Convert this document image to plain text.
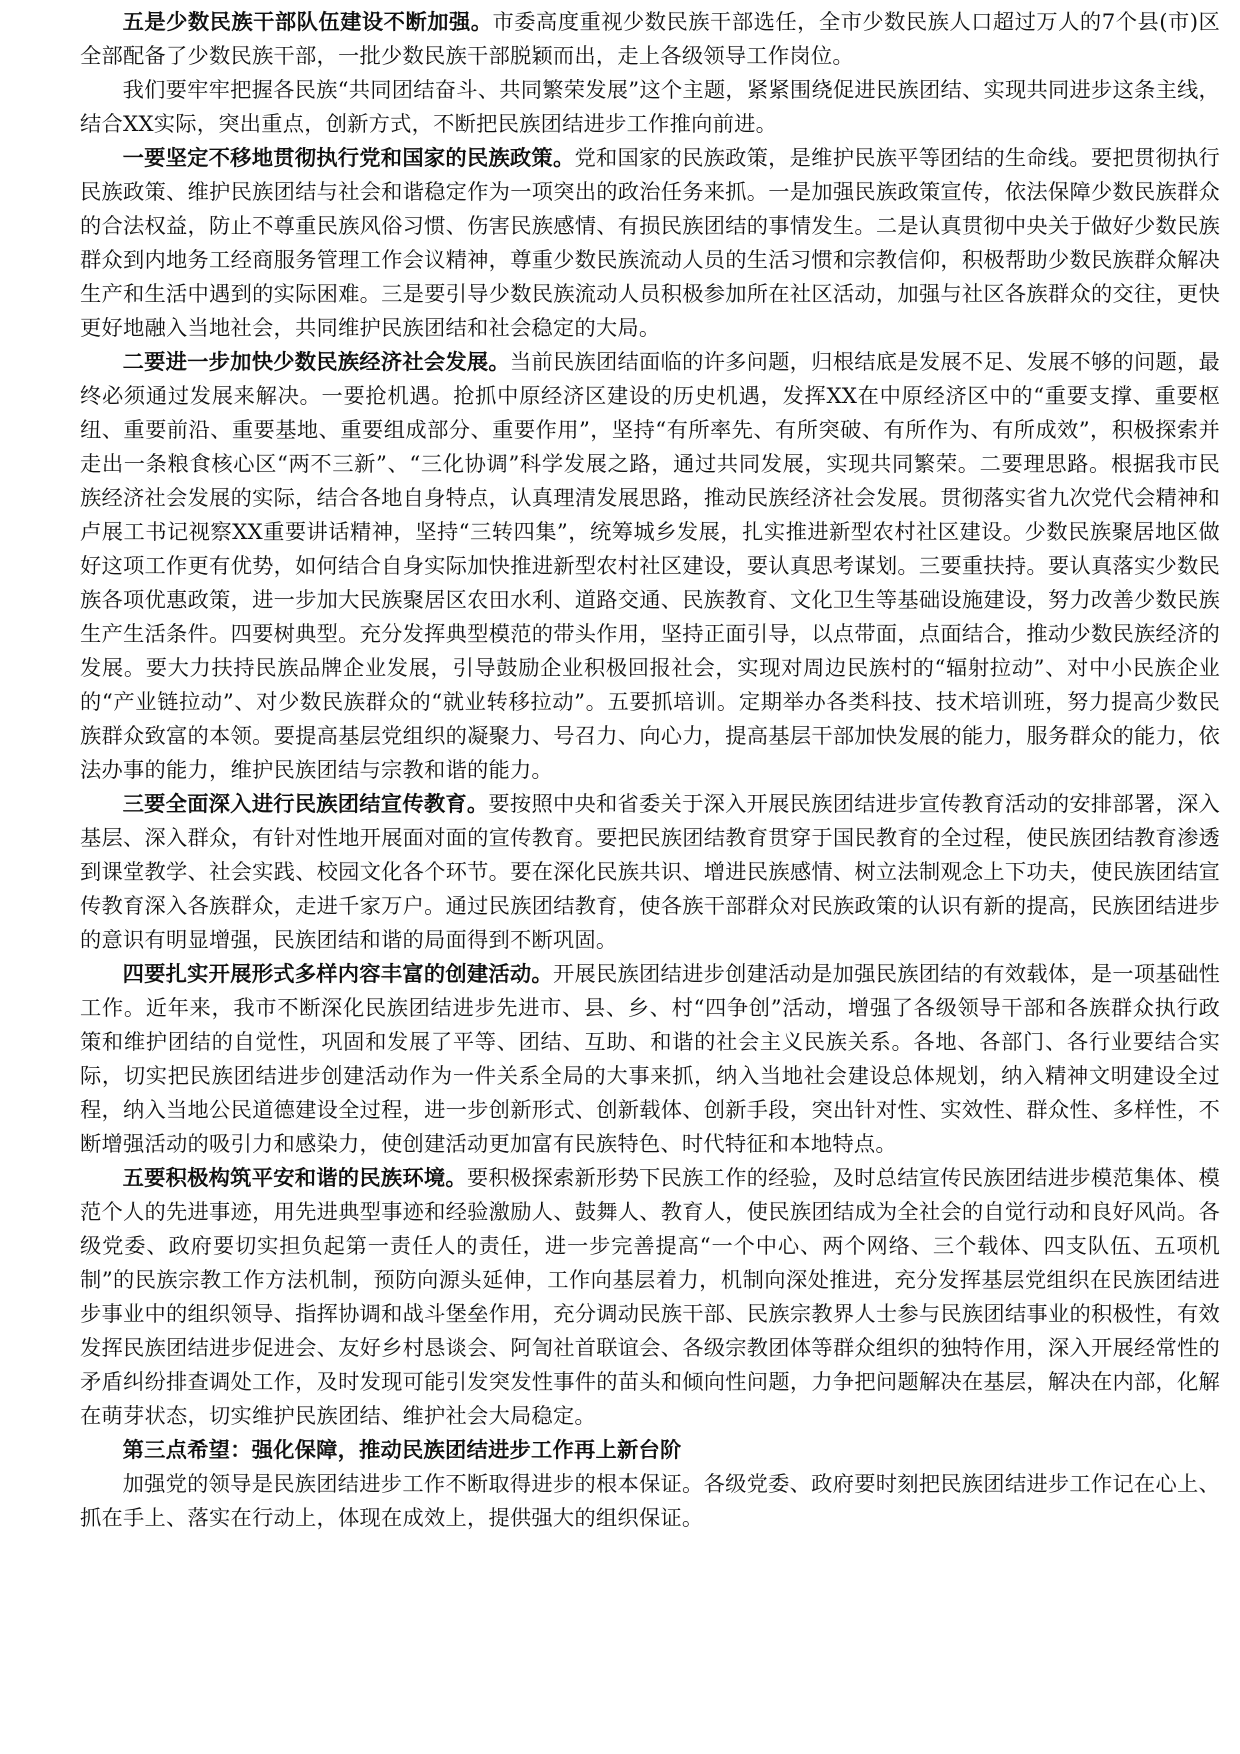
五是少数民族干部队伍建设不断加强。市委高度重视少数民族干部选任，全市少数民族人口超过万人的7个县(市)区全部配备了少数民族干部，一批少数民族干部脱颖而出，走上各级领导工作岗位。

我们要牢牢把握各民族“共同团结奋斗、共同繁荣发展”这个主题，紧紧围绕促进民族团结、实现共同进步这条主线，结合XX实际，突出重点，创新方式，不断把民族团结进步工作推向前进。

一要坚定不移地贯彻执行党和国家的民族政策。党和国家的民族政策，是维护民族平等团结的生命线。要把贯彻执行民族政策、维护民族团结与社会和谐稳定作为一项突出的政治任务来抓。一是加强民族政策宣传，依法保障少数民族群众的合法权益，防止不尊重民族风俗习惯、伤害民族感情、有损民族团结的事情发生。二是认真贯彻中央关于做好少数民族群众到内地务工经商服务管理工作会议精神，尊重少数民族流动人员的生活习惯和宗教信仰，积极帮助少数民族群众解决生产和生活中遇到的实际困难。三是要引导少数民族流动人员积极参加所在社区活动，加强与社区各族群众的交往，更快更好地融入当地社会，共同维护民族团结和社会稳定的大局。

二要进一步加快少数民族经济社会发展。当前民族团结面临的许多问题，归根结底是发展不足、发展不够的问题，最终必须通过发展来解决。一要抢机遇。抢抓中原经济区建设的历史机遇，发挥XX在中原经济区中的“重要支撑、重要枢纽、重要前沿、重要基地、重要组成部分、重要作用”，坚持“有所率先、有所突破、有所作为、有所成效”，积极探索并走出一条粮食核心区“两不三新”、“三化协调”科学发展之路，通过共同发展，实现共同繁荣。二要理思路。根据我市民族经济社会发展的实际，结合各地自身特点，认真理清发展思路，推动民族经济社会发展。贯彻落实省九次党代会精神和卢展工书记视察XX重要讲话精神，坚持“三转四集”，统筹城乡发展，扎实推进新型农村社区建设。少数民族聚居地区做好这项工作更有优势，如何结合自身实际加快推进新型农村社区建设，要认真思考谋划。三要重扶持。要认真落实少数民族各项优惠政策，进一步加大民族聚居区农田水利、道路交通、民族教育、文化卫生等基础设施建设，努力改善少数民族生产生活条件。四要树典型。充分发挥典型模范的带头作用，坚持正面引导，以点带面，点面结合，推动少数民族经济的发展。要大力扶持民族品牌企业发展，引导鼓励企业积极回报社会，实现对周边民族村的“辐射拉动”、对中小民族企业的“产业链拉动”、对少数民族群众的“就业转移拉动”。五要抓培训。定期举办各类科技、技术培训班，努力提高少数民族群众致富的本领。要提高基层党组织的凝聚力、号召力、向心力，提高基层干部加快发展的能力，服务群众的能力，依法办事的能力，维护民族团结与宗教和谐的能力。

三要全面深入进行民族团结宣传教育。要按照中央和省委关于深入开展民族团结进步宣传教育活动的安排部署，深入基层、深入群众，有针对性地开展面对面的宣传教育。要把民族团结教育贯穿于国民教育的全过程，使民族团结教育渗透到课堂教学、社会实践、校园文化各个环节。要在深化民族共识、增进民族感情、树立法制观念上下功夫，使民族团结宣传教育深入各族群众，走进千家万户。通过民族团结教育，使各族干部群众对民族政策的认识有新的提高，民族团结进步的意识有明显增强，民族团结和谐的局面得到不断巩固。

四要扎实开展形式多样内容丰富的创建活动。开展民族团结进步创建活动是加强民族团结的有效载体，是一项基础性工作。近年来，我市不断深化民族团结进步先进市、县、乡、村“四争创”活动，增强了各级领导干部和各族群众执行政策和维护团结的自觉性，巩固和发展了平等、团结、互助、和谐的社会主义民族关系。各地、各部门、各行业要结合实际，切实把民族团结进步创建活动作为一件关系全局的大事来抓，纳入当地社会建设总体规划，纳入精神文明建设全过程，纳入当地公民道德建设全过程，进一步创新形式、创新载体、创新手段，突出针对性、实效性、群众性、多样性，不断增强活动的吸引力和感染力，使创建活动更加富有民族特色、时代特征和本地特点。

五要积极构筑平安和谐的民族环境。要积极探索新形势下民族工作的经验，及时总结宣传民族团结进步模范集体、模范个人的先进事迹，用先进典型事迹和经验激励人、鼓舞人、教育人，使民族团结成为全社会的自觉行动和良好风尚。各级党委、政府要切实担负起第一责任人的责任，进一步完善提高“一个中心、两个网络、三个载体、四支队伍、五项机制”的民族宗教工作方法机制，预防向源头延伸，工作向基层着力，机制向深处推进，充分发挥基层党组织在民族团结进步事业中的组织领导、指挥协调和战斗堡垒作用，充分调动民族干部、民族宗教界人士参与民族团结事业的积极性，有效发挥民族团结进步促进会、友好乡村恳谈会、阿訇社首联谊会、各级宗教团体等群众组织的独特作用，深入开展经常性的矛盾纠纷排查调处工作，及时发现可能引发突发性事件的苗头和倾向性问题，力争把问题解决在基层，解决在内部，化解在萌芽状态，切实维护民族团结、维护社会大局稳定。

第三点希望：强化保障，推动民族团结进步工作再上新台阶

加强党的领导是民族团结进步工作不断取得进步的根本保证。各级党委、政府要时刻把民族团结进步工作记在心上、抓在手上、落实在行动上，体现在成效上，提供强大的组织保证。
